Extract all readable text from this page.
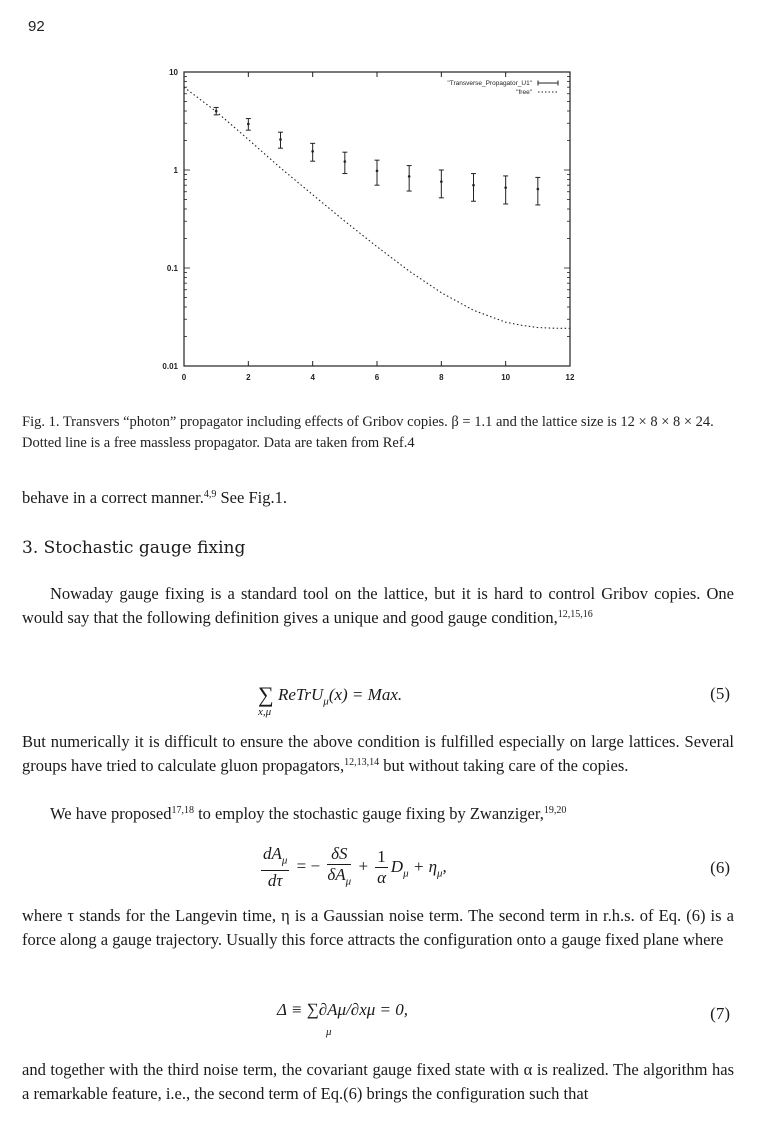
92
0	2	4	6	8	10	12
0.01
0.1
1
10
"Transverse_Propagator_U1"
"free"
Fig. 1. Transvers “photon” propagator including effects of Gribov copies. β = 1.1 and the lattice size is 12 × 8 × 8 × 24. Dotted line is a free massless propagator. Data are taken from Ref.4
behave in a correct manner.$^{4,9}$ See Fig.1.
3. Stochastic gauge fixing
Nowaday gauge fixing is a standard tool on the lattice, but it is hard to control Gribov copies. One would say that the following definition gives a unique and good gauge condition,$^{12,15,16}$
∑ ReTrU$_\mu$(x) = Max.
x,μ
(5)
But numerically it is difficult to ensure the above condition is fulfilled especially on large lattices. Several groups have tried to calculate gluon propagators,$^{12,13,14}$ but without taking care of the copies.
We have proposed$^{17,18}$ to employ the stochastic gauge fixing by Zwanziger,$^{19,20}$
$\frac{dA_\mu}{d\tau}$ = − $\frac{\delta S}{\delta A_\mu} + \frac{1}{\alpha} D_\mu + \eta_\mu$,	(6)
where τ stands for the Langevin time, η is a Gaussian noise term. The second term in r.h.s. of Eq. (6) is a force along a gauge trajectory. Usually this force attracts the configuration onto a gauge fixed plane where
Δ ≡ ∑∂Aμ/∂xμ = 0,
μ
(7)
and together with the third noise term, the covariant gauge fixed state with α is realized. The algorithm has a remarkable feature, i.e., the second term of Eq.(6) brings the configuration such that
